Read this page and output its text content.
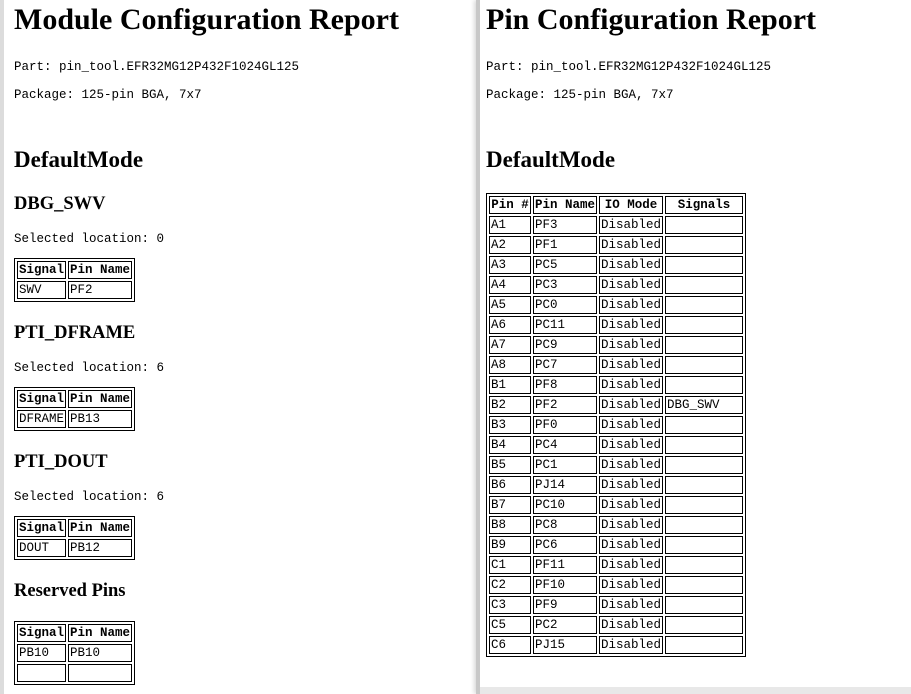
Module Configuration Report

Part: pin_tool.EFR32MG12P432F1024GL125

Package: 125-pin BGA, 7x7

DefaultMode
DBG_SWV

Selected location: 0

Signal	Pin Name
SWV	PF2
PTI_DFRAME

Selected location: 6

Signal	Pin Name
DFRAME	PB13
PTI_DOUT

Selected location: 6

Signal	Pin Name
DOUT	PB12
Reserved Pins
Signal	Pin Name
PB10	PB10

Pin Configuration Report

Part: pin_tool.EFR32MG12P432F1024GL125

Package: 125-pin BGA, 7x7

DefaultMode
Pin #	Pin Name	IO Mode	Signals
A1	PF3	Disabled	
A2	PF1	Disabled	
A3	PC5	Disabled	
A4	PC3	Disabled	
A5	PC0	Disabled	
A6	PC11	Disabled	
A7	PC9	Disabled	
A8	PC7	Disabled	
B1	PF8	Disabled	
B2	PF2	Disabled	DBG_SWV
B3	PF0	Disabled	
B4	PC4	Disabled	
B5	PC1	Disabled	
B6	PJ14	Disabled	
B7	PC10	Disabled	
B8	PC8	Disabled	
B9	PC6	Disabled	
C1	PF11	Disabled	
C2	PF10	Disabled	
C3	PF9	Disabled	
C5	PC2	Disabled	
C6	PJ15	Disabled	
